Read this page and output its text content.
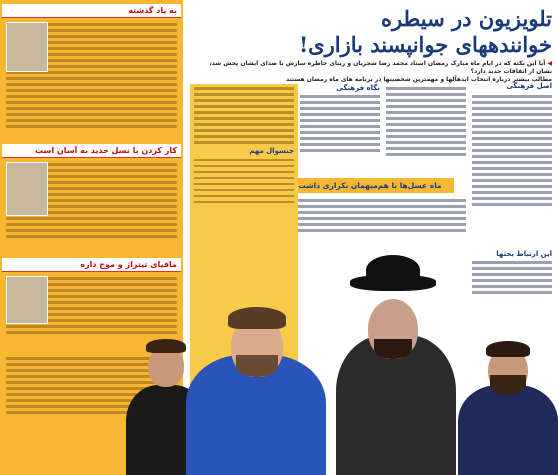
به یاد گذشته
کار کردن با نسل جدید به آسان است
مافیای تیتراژ و موج داره
تلویزیون در سیطره
خوانندههای جوانپسند بازاری!
◀ آیا این نکته که در ایام ماه مبارک رمضان استاد محمد رضا شجریان و ربنای خاطره سازش با صدای ایشان پخش شد، نشان از اتفاقات جدید دارد؟
مطالب بیشتر درباره انتخاب ایدهآلها و مهمترین شخصیتها در برنامه های ماه رمضان هستند
اصل فرهنگی
نگاه فرهنگی
ماه عسل‌ها با هم‌میهمان نکراری داشت
جنسوال مهم
این ارتباط بحثها
